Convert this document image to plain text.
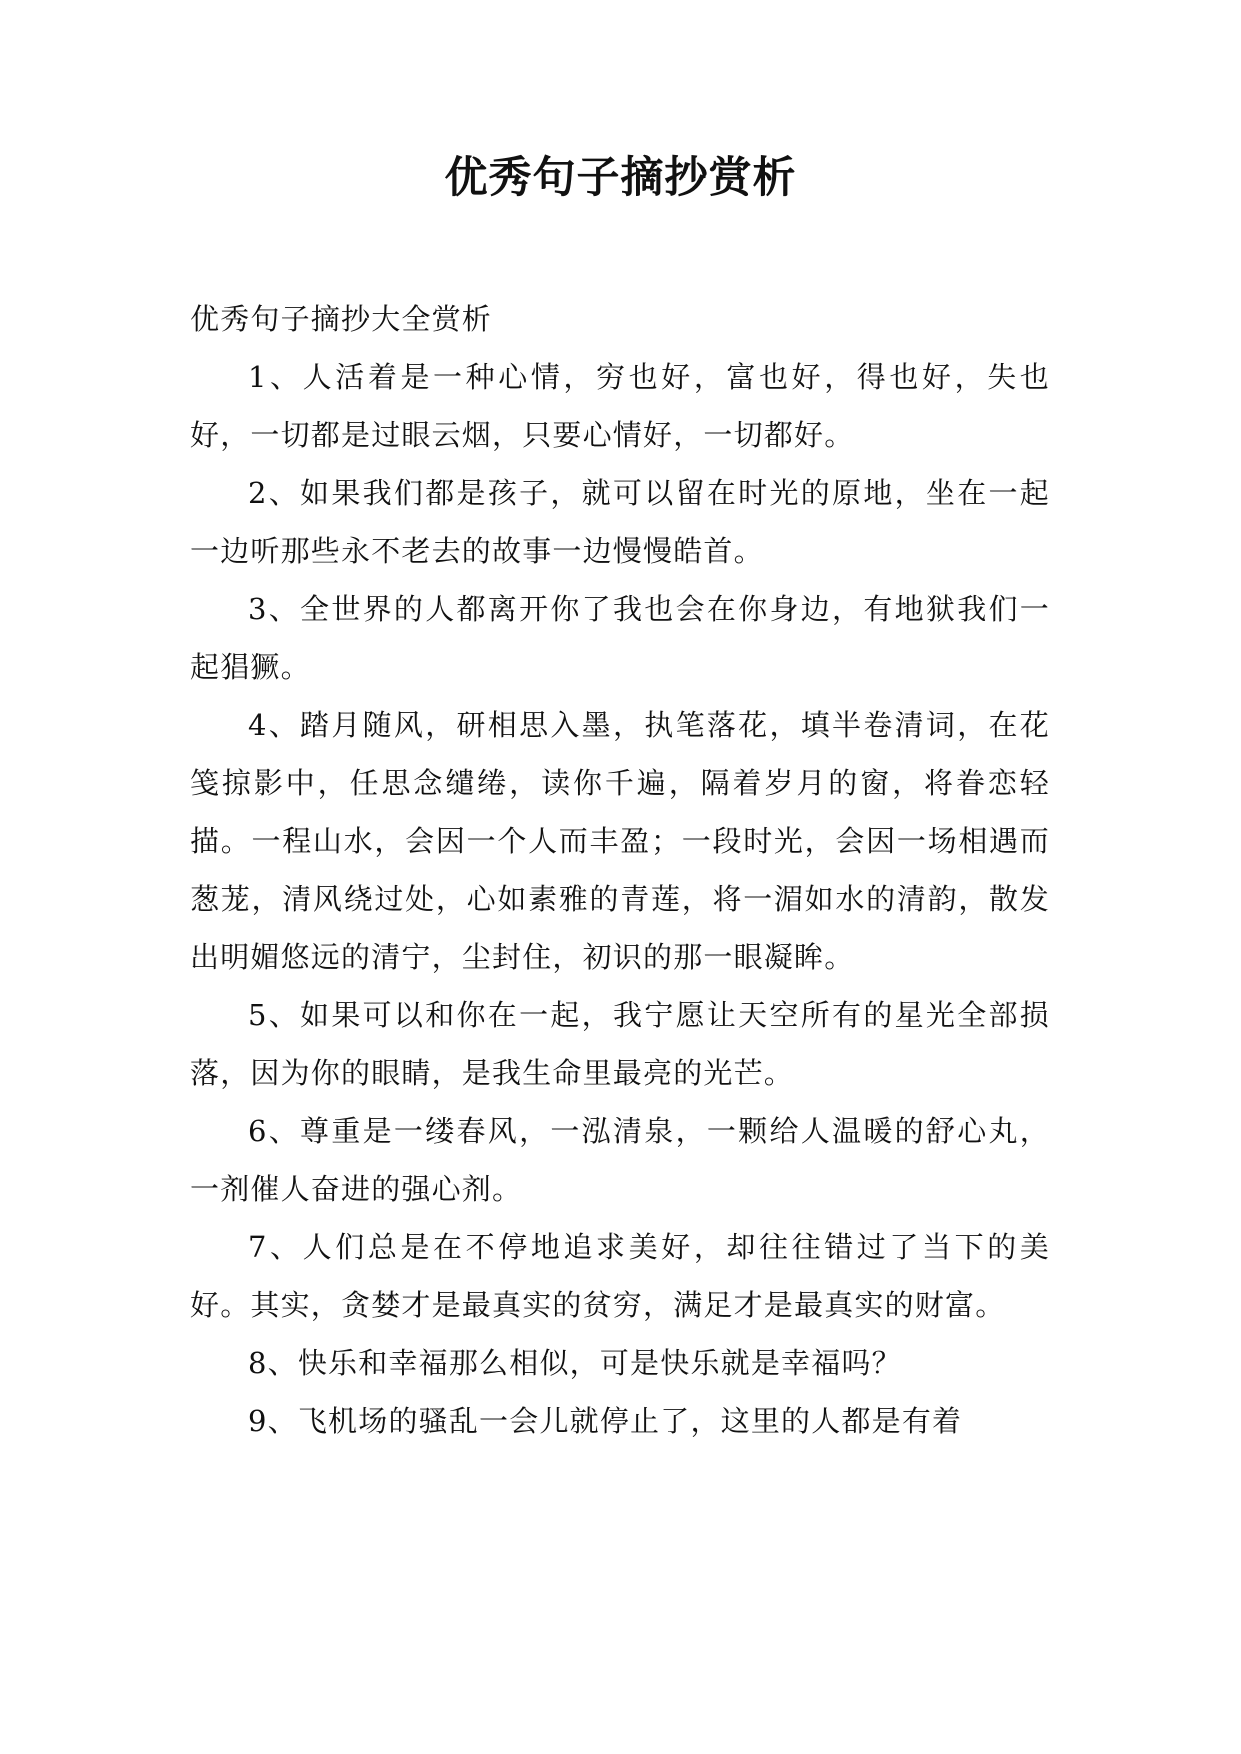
优秀句子摘抄赏析

优秀句子摘抄大全赏析

1、人活着是一种心情，穷也好，富也好，得也好，失也好，一切都是过眼云烟，只要心情好，一切都好。

2、如果我们都是孩子，就可以留在时光的原地，坐在一起一边听那些永不老去的故事一边慢慢皓首。

3、全世界的人都离开你了我也会在你身边，有地狱我们一起猖獗。

4、踏月随风，研相思入墨，执笔落花，填半卷清词，在花笺掠影中，任思念缱绻，读你千遍，隔着岁月的窗，将眷恋轻描。一程山水，会因一个人而丰盈；一段时光，会因一场相遇而葱茏，清风绕过处，心如素雅的青莲，将一湄如水的清韵，散发出明媚悠远的清宁，尘封住，初识的那一眼凝眸。

5、如果可以和你在一起，我宁愿让天空所有的星光全部损落，因为你的眼睛，是我生命里最亮的光芒。

6、尊重是一缕春风，一泓清泉，一颗给人温暖的舒心丸，一剂催人奋进的强心剂。

7、人们总是在不停地追求美好，却往往错过了当下的美好。其实，贪婪才是最真实的贫穷，满足才是最真实的财富。

8、快乐和幸福那么相似，可是快乐就是幸福吗？

9、飞机场的骚乱一会儿就停止了，这里的人都是有着
